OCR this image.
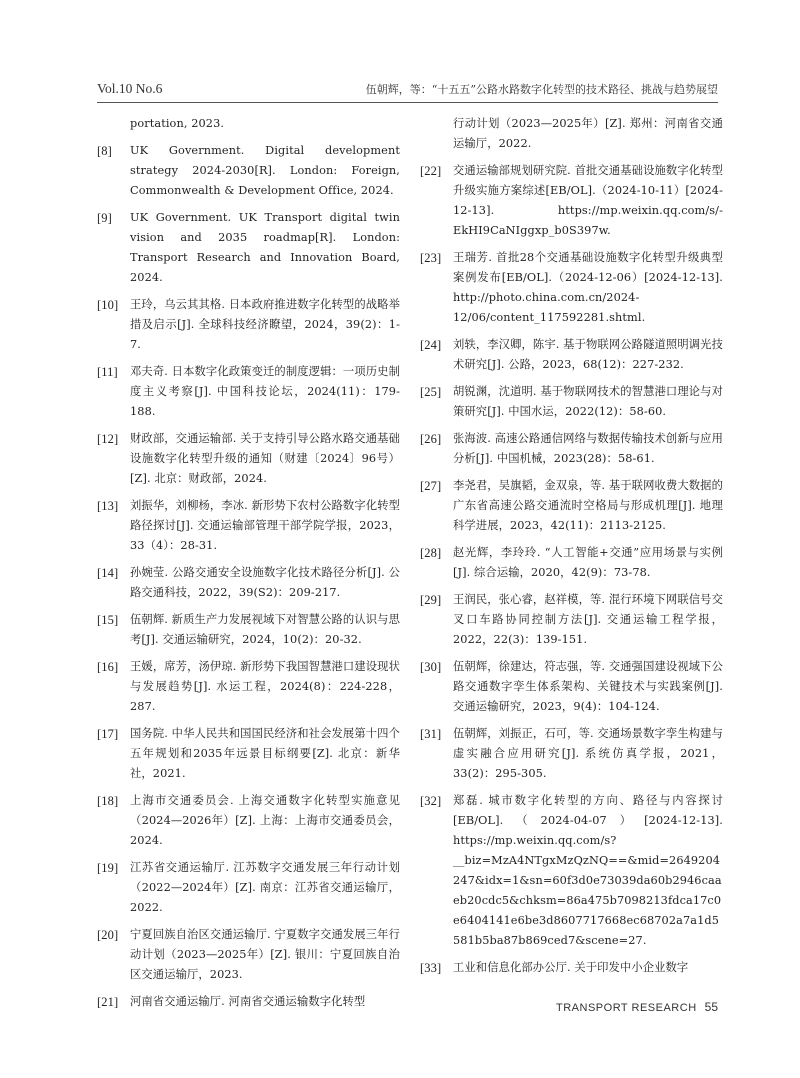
Vol.10 No.6	伍朝辉，等：“十五五”公路水路数字化转型的技术路径、挑战与趋势展望
portation, 2023.
[8] UK Government. Digital development strategy 2024-2030[R]. London: Foreign, Commonwealth & Development Office, 2024.
[9] UK Government. UK Transport digital twin vision and 2035 roadmap[R]. London: Transport Research and Innovation Board, 2024.
[10] 王玲，乌云其其格. 日本政府推进数字化转型的战略举措及启示[J]. 全球科技经济瞭望，2024，39(2)：1-7.
[11] 邓夫奇. 日本数字化政策变迁的制度逻辑：一项历史制度主义考察[J]. 中国科技论坛，2024(11)：179-188.
[12] 财政部，交通运输部. 关于支持引导公路水路交通基础设施数字化转型升级的通知（财建〔2024〕96号）[Z]. 北京：财政部，2024.
[13] 刘振华，刘柳杨，李冰. 新形势下农村公路数字化转型路径探讨[J]. 交通运输部管理干部学院学报，2023，33（4）：28-31.
[14] 孙婉莹. 公路交通安全设施数字化技术路径分析[J]. 公路交通科技，2022，39(S2)：209-217.
[15] 伍朝辉. 新质生产力发展视域下对智慧公路的认识与思考[J]. 交通运输研究，2024，10(2)：20-32.
[16] 王媛，席芳，汤伊琼. 新形势下我国智慧港口建设现状与发展趋势[J]. 水运工程，2024(8)：224-228，287.
[17] 国务院. 中华人民共和国国民经济和社会发展第十四个五年规划和2035年远景目标纲要[Z]. 北京：新华社，2021.
[18] 上海市交通委员会. 上海交通数字化转型实施意见（2024—2026年）[Z]. 上海：上海市交通委员会，2024.
[19] 江苏省交通运输厅. 江苏数字交通发展三年行动计划（2022—2024年）[Z]. 南京：江苏省交通运输厅，2022.
[20] 宁夏回族自治区交通运输厅. 宁夏数字交通发展三年行动计划（2023—2025年）[Z]. 银川：宁夏回族自治区交通运输厅，2023.
[21] 河南省交通运输厅. 河南省交通运输数字化转型
行动计划（2023—2025年）[Z]. 郑州：河南省交通运输厅，2022.
[22] 交通运输部规划研究院. 首批交通基础设施数字化转型升级实施方案综述[EB/OL].（2024-10-11）[2024-12-13]. https://mp.weixin.qq.com/s/-EkHI9CaNIggxp_b0S397w.
[23] 王瑞芳. 首批28个交通基础设施数字化转型升级典型案例发布[EB/OL].（2024-12-06）[2024-12-13]. http://photo.china.com.cn/2024-12/06/content_117592281.shtml.
[24] 刘轶，李汉卿，陈宇. 基于物联网公路隧道照明调光技术研究[J]. 公路，2023，68(12)：227-232.
[25] 胡锐渊，沈道明. 基于物联网技术的智慧港口理论与对策研究[J]. 中国水运，2022(12)：58-60.
[26] 张海波. 高速公路通信网络与数据传输技术创新与应用分析[J]. 中国机械，2023(28)：58-61.
[27] 李尧君，吴旗韬，金双泉，等. 基于联网收费大数据的广东省高速公路交通流时空格局与形成机理[J]. 地理科学进展，2023，42(11)：2113-2125.
[28] 赵光辉，李玲玲. “人工智能+交通”应用场景与实例[J]. 综合运输，2020，42(9)：73-78.
[29] 王润民，张心睿，赵祥模，等. 混行环境下网联信号交叉口车路协同控制方法[J]. 交通运输工程学报，2022，22(3)：139-151.
[30] 伍朝辉，徐建达，符志强，等. 交通强国建设视域下公路交通数字孪生体系架构、关键技术与实践案例[J]. 交通运输研究，2023，9(4)：104-124.
[31] 伍朝辉，刘振正，石可，等. 交通场景数字孪生构建与虚实融合应用研究[J]. 系统仿真学报，2021，33(2)：295-305.
[32] 郑磊. 城市数字化转型的方向、路径与内容探讨[EB/OL].（2024-04-07）[2024-12-13]. https://mp.weixin.qq.com/s?__biz=MzA4NTgxMzQzNQ==&mid=2649204247&idx=1&sn=60f3d0e73039da60b2946caaeb20cdc5&chksm=86a475b7098213fdca17c0e6404141e6be3d8607717668ec68702a7a1d5581b5ba87b869ced7&scene=27.
[33] 工业和信息化部办公厅. 关于印发中小企业数字
TRANSPORT RESEARCH 55
